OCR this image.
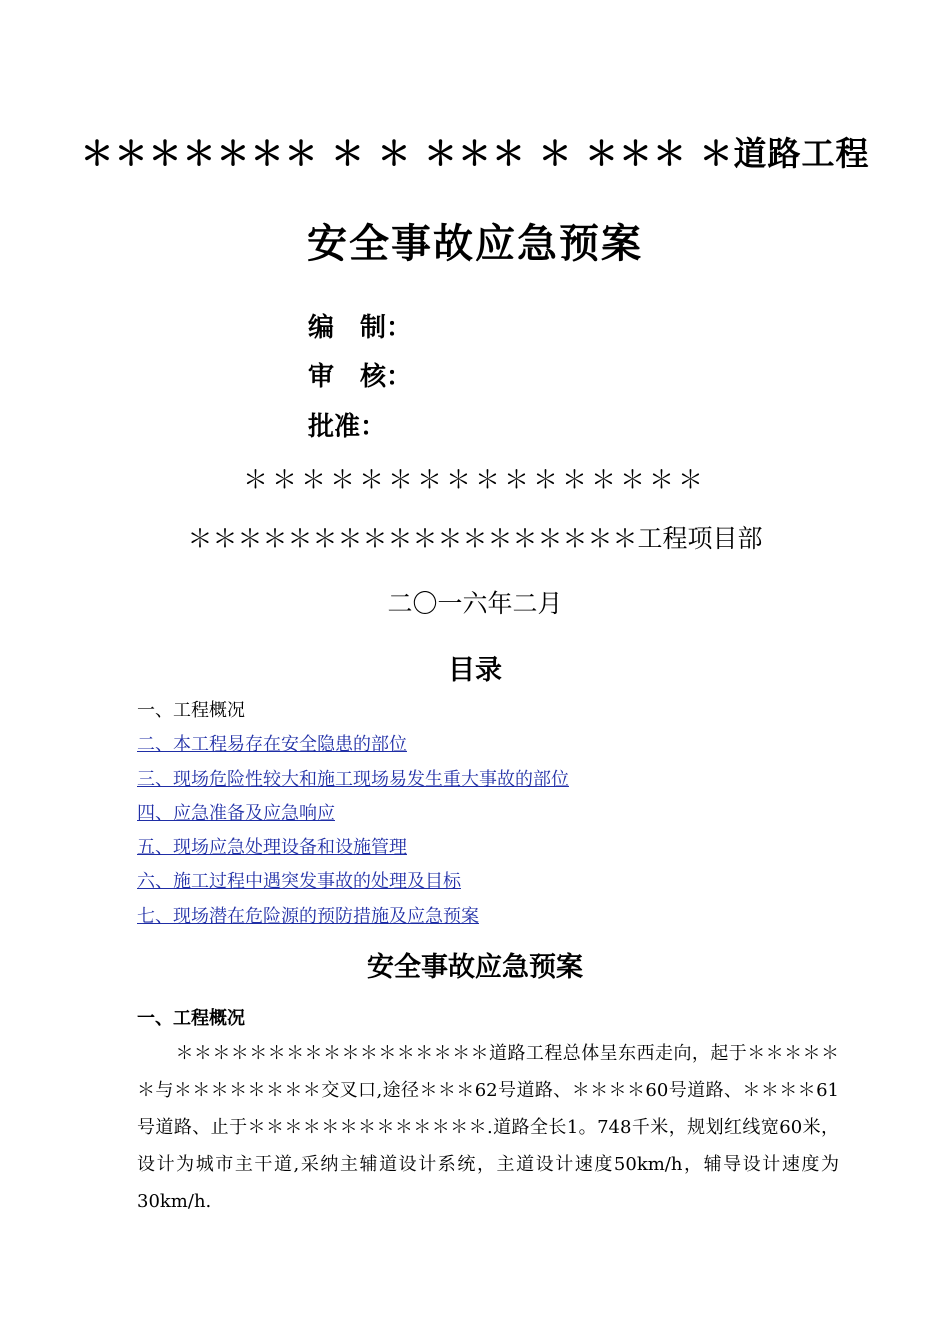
＊＊＊＊＊＊＊ ＊ ＊ ＊＊＊ ＊ ＊＊＊ ＊道路工程
安全事故应急预案
编　制：
审　核：
批准：
＊＊＊＊＊＊＊＊＊＊＊＊＊＊＊＊
＊＊＊＊＊＊＊＊＊＊＊＊＊＊＊＊＊＊工程项目部
二〇一六年二月
目录
一、工程概况
二、本工程易存在安全隐患的部位
三、现场危险性较大和施工现场易发生重大事故的部位
四、应急准备及应急响应
五、现场应急处理设备和设施管理
六、施工过程中遇突发事故的处理及目标
七、现场潜在危险源的预防措施及应急预案
安全事故应急预案
一、工程概况

＊＊＊＊＊＊＊＊＊＊＊＊＊＊＊＊＊道路工程总体呈东西走向，起于＊＊＊＊＊＊与＊＊＊＊＊＊＊＊交叉口,途径＊＊＊62号道路、＊＊＊＊60号道路、＊＊＊＊61号道路、止于＊＊＊＊＊＊＊＊＊＊＊＊＊.道路全长1。748千米，规划红线宽60米，设计为城市主干道,采纳主辅道设计系统，主道设计速度50km/h，辅导设计速度为30km/h.
